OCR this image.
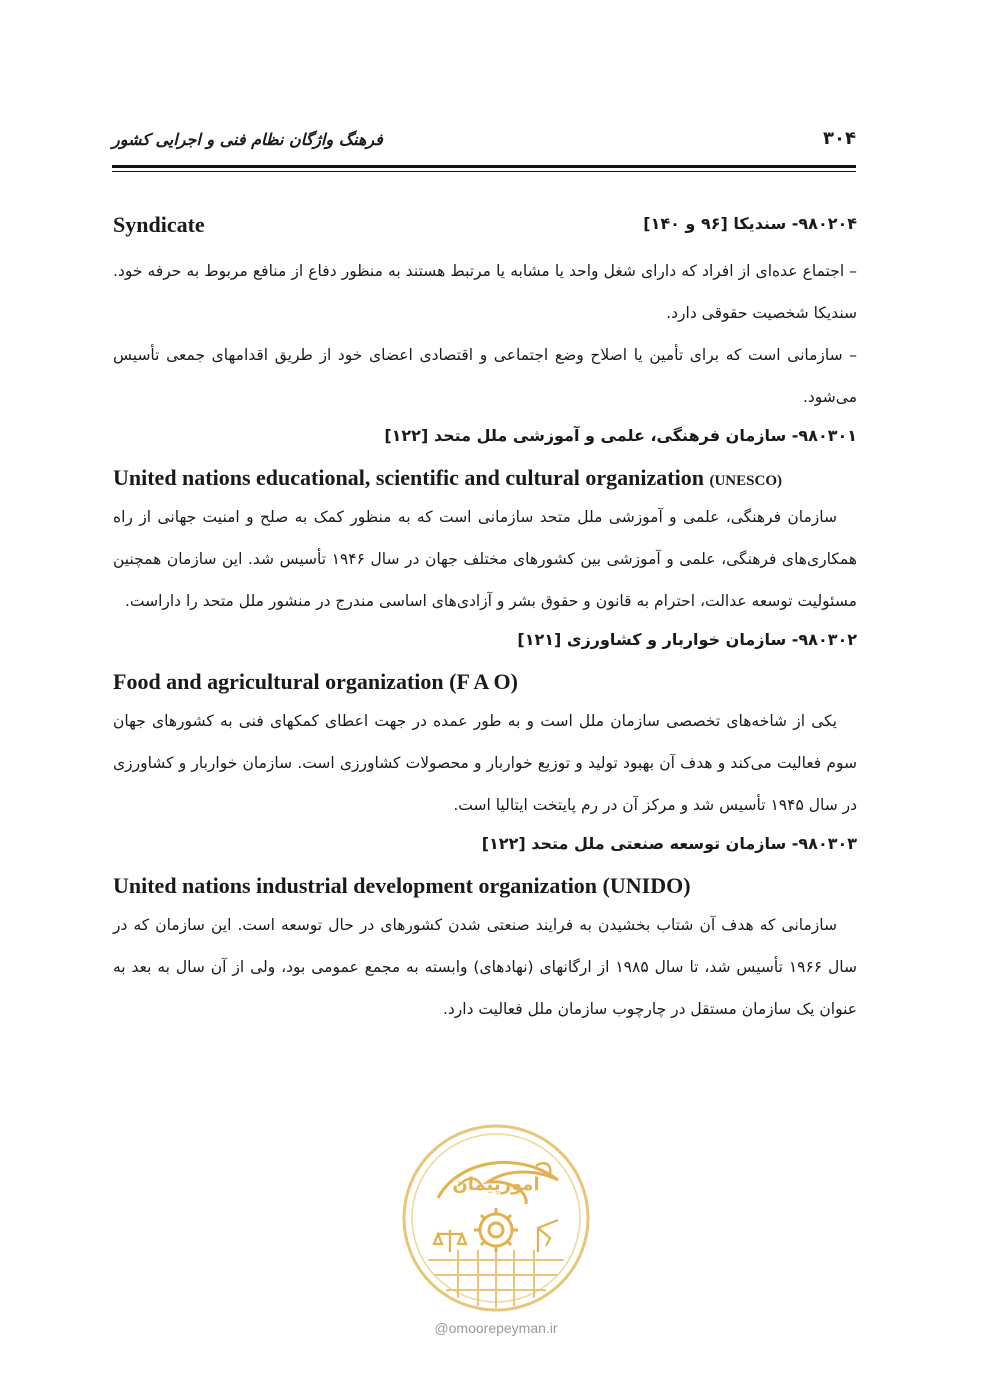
فرهنگ واژگان نظام فنی و اجرایی کشور	۳۰۴
۹۸۰۲۰۴- سندیکا [۹۶ و ۱۴۰]
Syndicate

– اجتماع عده‌ای از افراد که دارای شغل واحد یا مشابه یا مرتبط هستند به منظور دفاع از منافع مربوط به حرفه خود. سندیکا شخصیت حقوقی دارد.

– سازمانی است که برای تأمین یا اصلاح وضع اجتماعی و اقتصادی اعضای خود از طریق اقدامهای جمعی تأسیس می‌شود.

۹۸۰۳۰۱- سازمان فرهنگی، علمی و آموزشی ملل متحد [۱۲۲]
United nations educational, scientific and cultural organization (UNESCO)

سازمان فرهنگی، علمی و آموزشی ملل متحد سازمانی است که به منظور کمک به صلح و امنیت جهانی از راه همکاری‌های فرهنگی، علمی و آموزشی بین کشورهای مختلف جهان در سال ۱۹۴۶ تأسیس شد. این سازمان همچنین مسئولیت توسعه عدالت، احترام به قانون و حقوق بشر و آزادی‌های اساسی مندرج در منشور ملل متحد را داراست.

۹۸۰۳۰۲- سازمان خواربار و کشاورزی [۱۲۱]
Food and agricultural organization (F A O)

یکی از شاخه‌های تخصصی سازمان ملل است و به طور عمده در جهت اعطای کمکهای فنی به کشورهای جهان سوم فعالیت می‌کند و هدف آن بهبود تولید و توزیع خواربار و محصولات کشاورزی است. سازمان خواربار و کشاورزی در سال ۱۹۴۵ تأسیس شد و مرکز آن در رم پایتخت ایتالیا است.

۹۸۰۳۰۳- سازمان توسعه صنعتی ملل متحد [۱۲۲]
United nations industrial development organization (UNIDO)

سازمانی که هدف آن شتاب بخشیدن به فرایند صنعتی شدن کشورهای در حال توسعه است. این سازمان که در سال ۱۹۶۶ تأسیس شد، تا سال ۱۹۸۵ از ارگانهای (نهادهای) وابسته به مجمع عمومی بود، ولی از آن سال به بعد به عنوان یک سازمان مستقل در چارچوب سازمان ملل فعالیت دارد.

امورپیمان
@omoorepeyman.ir
